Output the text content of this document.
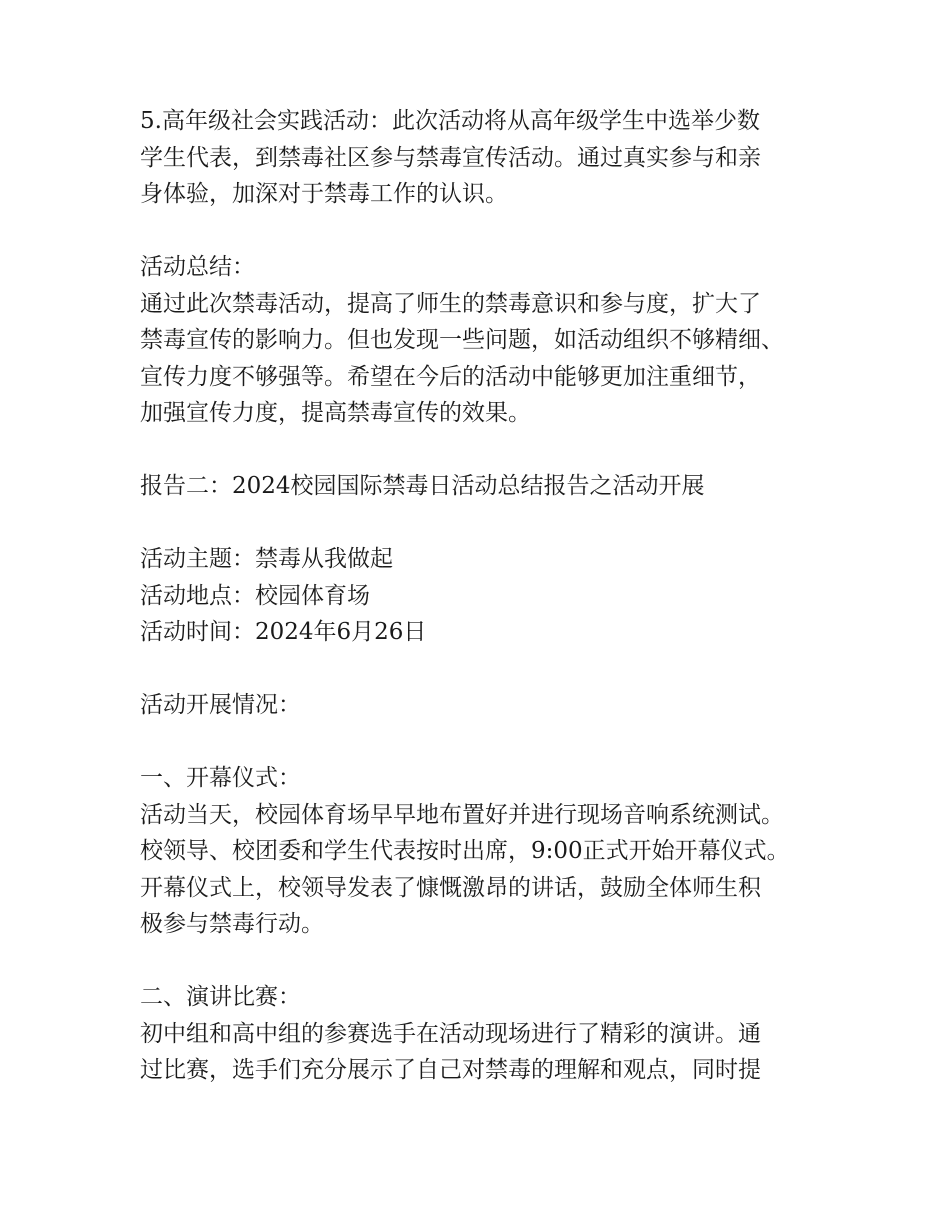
5.高年级社会实践活动：此次活动将从高年级学生中选举少数
学生代表，到禁毒社区参与禁毒宣传活动。通过真实参与和亲
身体验，加深对于禁毒工作的认识。

活动总结：
通过此次禁毒活动，提高了师生的禁毒意识和参与度，扩大了
禁毒宣传的影响力。但也发现一些问题，如活动组织不够精细、
宣传力度不够强等。希望在今后的活动中能够更加注重细节，
加强宣传力度，提高禁毒宣传的效果。

报告二：2024校园国际禁毒日活动总结报告之活动开展

活动主题：禁毒从我做起
活动地点：校园体育场
活动时间：2024年6月26日

活动开展情况：

一、开幕仪式：
活动当天，校园体育场早早地布置好并进行现场音响系统测试。
校领导、校团委和学生代表按时出席，9:00正式开始开幕仪式。
开幕仪式上，校领导发表了慷慨激昂的讲话，鼓励全体师生积
极参与禁毒行动。

二、演讲比赛：
初中组和高中组的参赛选手在活动现场进行了精彩的演讲。通
过比赛，选手们充分展示了自己对禁毒的理解和观点，同时提
